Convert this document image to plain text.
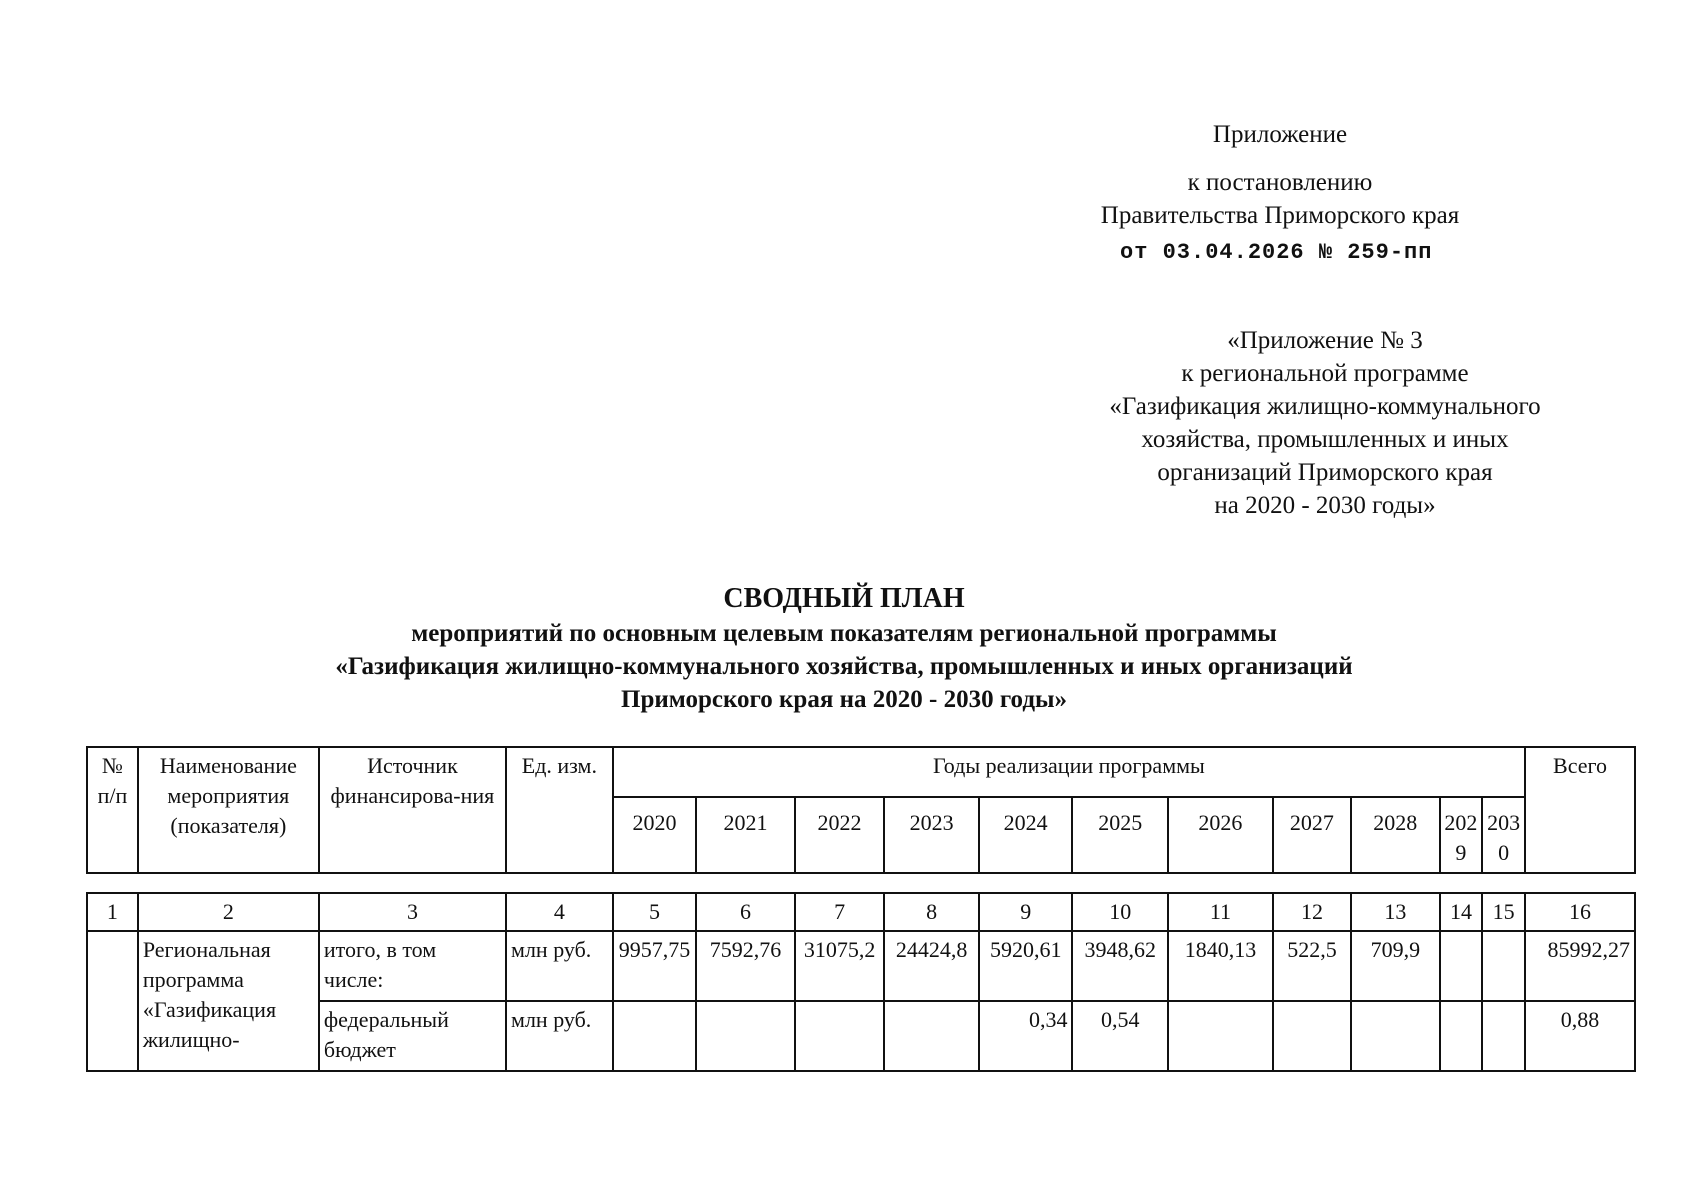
Приложение
к постановлению
Правительства Приморского края
от 03.04.2026 № 259-пп
«Приложение № 3
к региональной программе
«Газификация жилищно-коммунального
хозяйства, промышленных и иных
организаций Приморского края
на 2020 - 2030 годы»
СВОДНЫЙ ПЛАН
мероприятий по основным целевым показателям региональной программы
«Газификация жилищно-коммунального хозяйства, промышленных и иных организаций
Приморского края на 2020 - 2030 годы»
№ п/п	Наименование мероприятия (показателя)	Источник финансирова-ния	Ед. изм.	Годы реализации программы											Всего
				2020	2021	2022	2023	2024	2025	2026	2027	2028	2029	2030	
1	2	3	4	5	6	7	8	9	10	11	12	13	14	15	16
	Региональная программа «Газификация жилищно-	итого, в том числе:	млн руб.	9957,75	7592,76	31075,2	24424,8	5920,61	3948,62	1840,13	522,5	709,9			85992,27
		федеральный бюджет	млн руб.					0,34	0,54						0,88
